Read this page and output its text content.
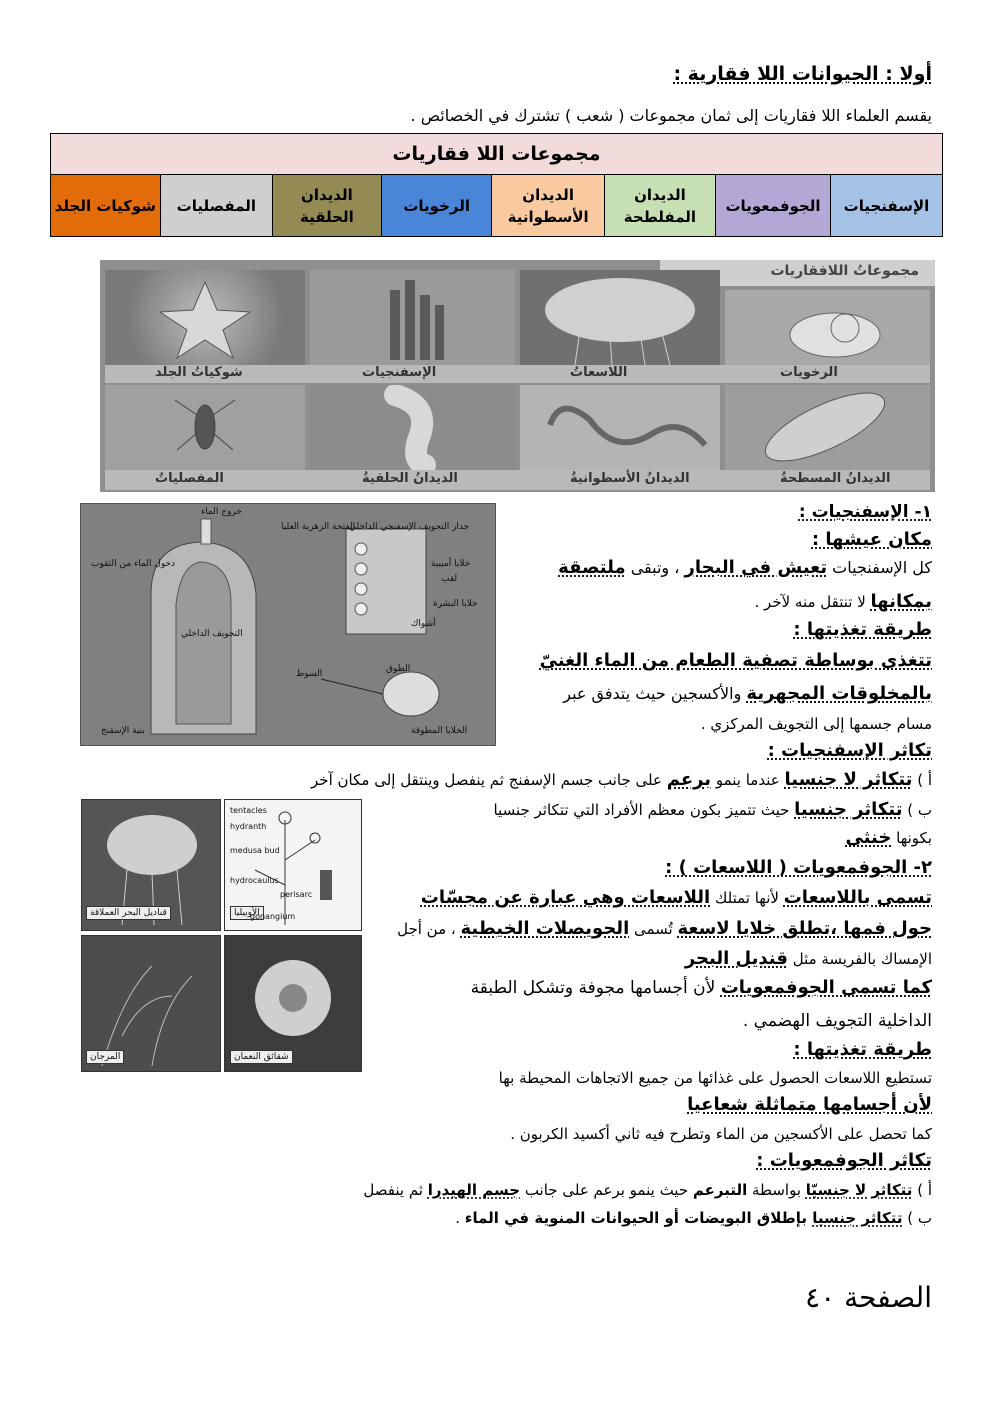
أولا : الحيوانات اللا فقارية :
يقسم العلماء اللا فقاريات إلى ثمان مجموعات ( شعب ) تشترك في الخصائص .
مجموعات اللا فقاريات
الإسفنجيات	الجوفمعويات	الديدان المفلطحة	الديدان الأسطوانية	الرخويات	الديدان الحلقية	المفصليات	شوكيات الجلد
مجموعاتُ اللافقاريات
الرخويات
اللاسعاتُ
الإسفنجيات
شوكياتُ الجلد
الديدانُ المسطحةُ
الديدانُ الأسطوانيةُ
الديدانُ الحلقيةُ
المفصلياتُ
خروج الماء
الفتحة الزهرية العليا
دخول الماء من الثقوب
جدار التجويف الإسفنجي الداخلي
خلايا أميبية
لقب
خلايا البشرة
أشواك
التجويف الداخلي
الطوق
السوط
الخلايا المطوقة
بنية الإسفنج
١- الإسفنجيات :
مكان عيشها :
كل الإسفنجيات تعيش في البحار ، وتبقى ملتصقة
بمكانها لا تنتقل منه لآخر .
طريقة تغذيتها :
تتغذى بوساطة تصفية الطعام من الماء الغنيّ
بالمخلوقات المجهرية والأكسجين حيث يتدفق عبر
مسام جسمها إلى التجويف المركزي .
تكاثر الإسفنجيات :
أ ) تتكاثر لا جنسيا عندما ينمو برعم على جانب جسم الإسفنج ثم ينفصل وينتقل إلى مكان آخر
ب ) تتكاثر جنسيا حيث تتميز بكون معظم الأفراد التي تتكاثر جنسيا
بكونها خنثى
قناديل البحر العملاقة	الأوبيليا
المرجان	شقائق النعمان
tentacles
hydranth
medusa bud
hydrocaulus
perisarc
gonangium
٢- الجوفمعويات ( اللاسعات ) :
تسمى باللاسعات لأنها تمتلك اللاسعات وهي عبارة عن مجسّات
حول فمها ،تطلق خلايا لاسعة تُسمى الحويصلات الخيطية ، من أجل
الإمساك بالفريسة مثل قنديل البحر
كما تسمى الجوفمعويات لأن أجسامها مجوفة وتشكل الطبقة
الداخلية التجويف الهضمي .
طريقة تغذيتها :
تستطيع اللاسعات الحصول على غذائها من جميع الاتجاهات المحيطة بها
لأن أجسامها متماثلة شعاعيا
كما تحصل على الأكسجين من الماء وتطرح فيه ثاني أكسيد الكربون .
تكاثر الجوفمعويات :
أ ) تتكاثر لا جنسيّا بواسطة التبرعم حيث ينمو برعم على جانب جسم الهيدرا ثم ينفصل
ب ) تتكاثر جنسيا بإطلاق البويضات أو الحيوانات المنوية في الماء .
الصفحة ٤٠
